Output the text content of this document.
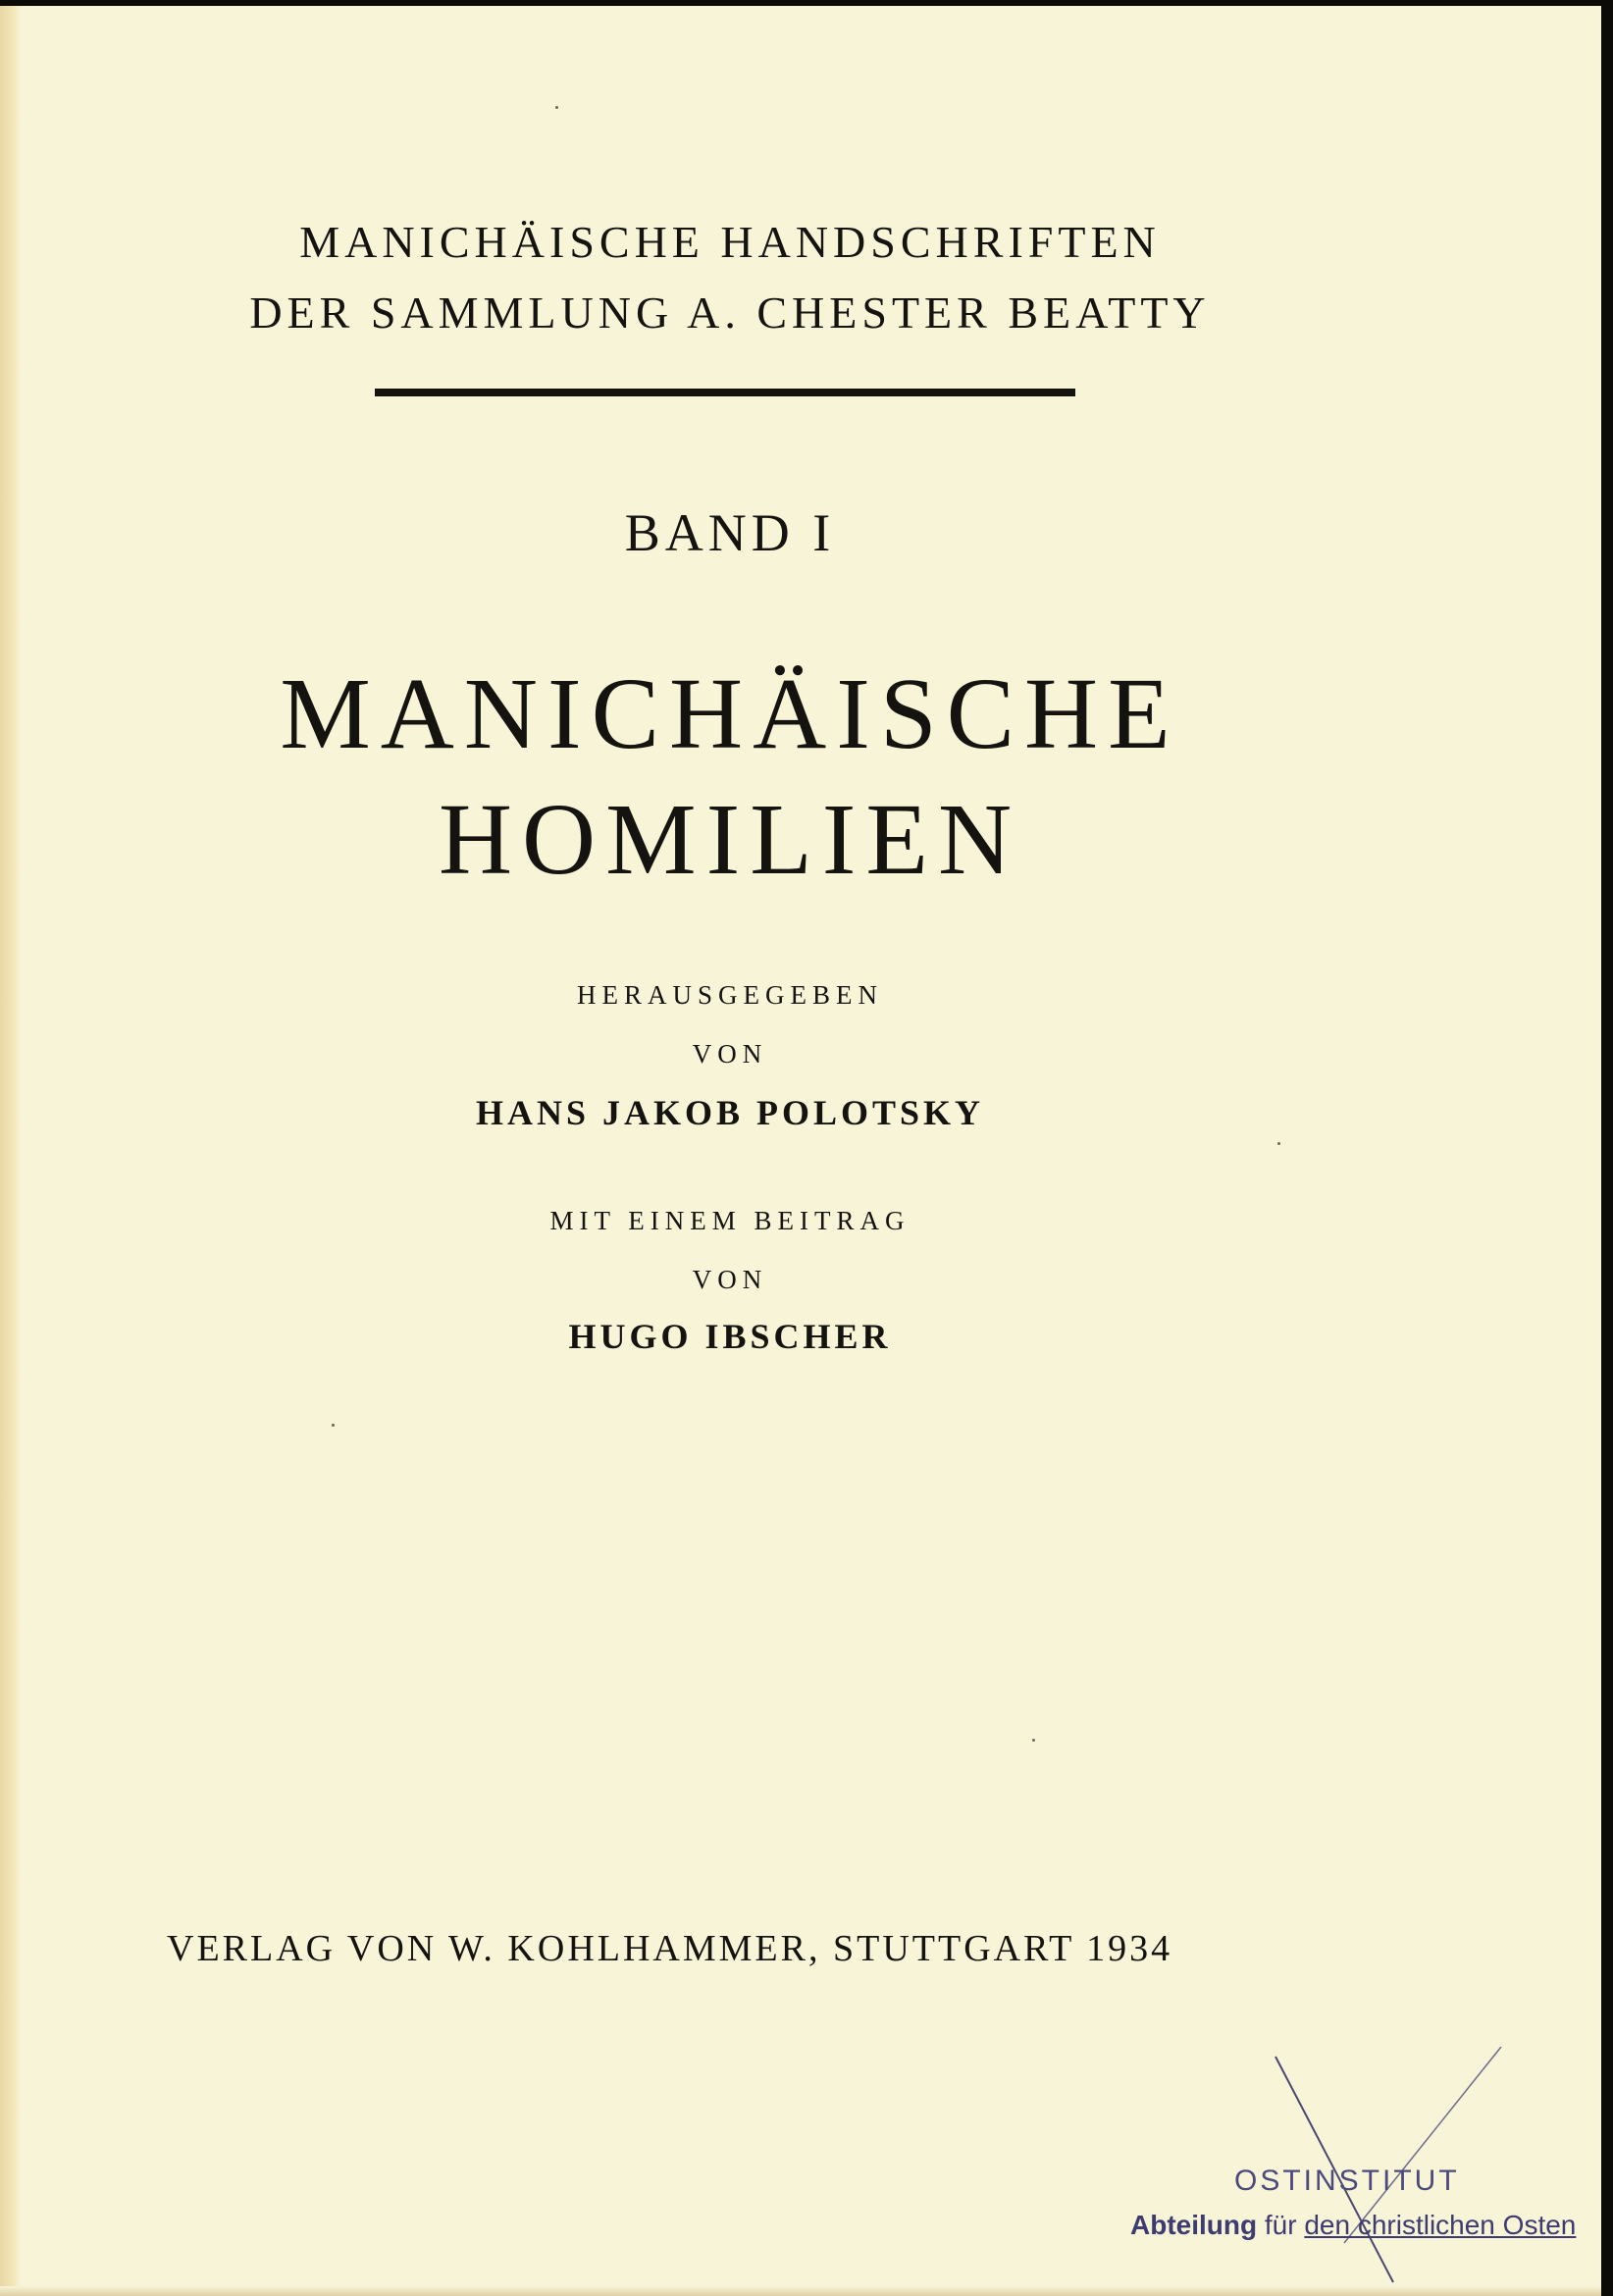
MANICHÄISCHE HANDSCHRIFTEN
DER SAMMLUNG A. CHESTER BEATTY
BAND I
MANICHÄISCHE
HOMILIEN
HERAUSGEGEBEN
VON
HANS JAKOB POLOTSKY
MIT EINEM BEITRAG
VON
HUGO IBSCHER
VERLAG VON W. KOHLHAMMER, STUTTGART 1934
OSTINSTITUT
Abteilung für den christlichen Osten
